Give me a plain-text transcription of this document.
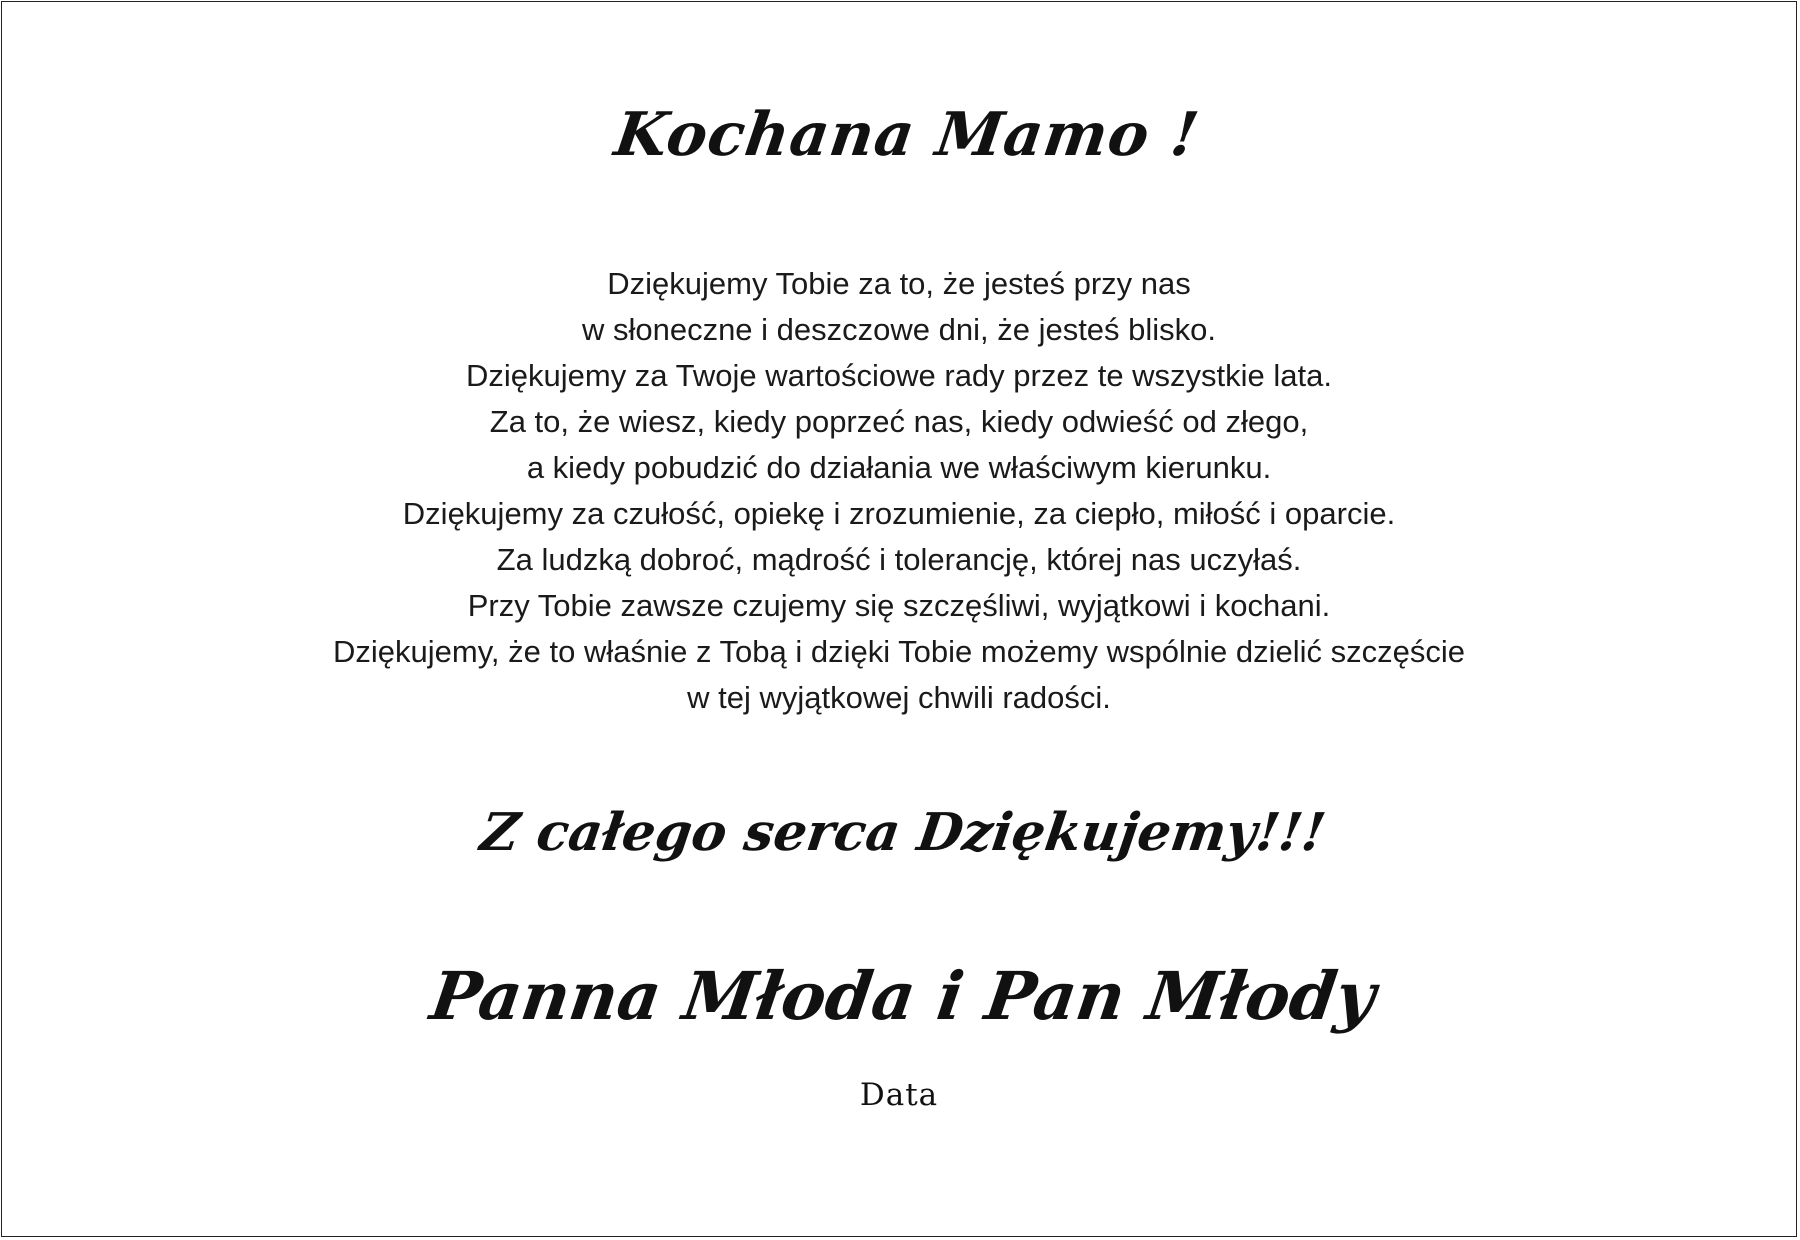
Kochana Mamo !
Dziękujemy Tobie za to, że jesteś przy nas
w słoneczne i deszczowe dni, że jesteś blisko.
Dziękujemy za Twoje wartościowe rady przez te wszystkie lata.
Za to, że wiesz, kiedy poprzeć nas, kiedy odwieść od złego,
a kiedy pobudzić do działania we właściwym kierunku.
Dziękujemy za czułość, opiekę i zrozumienie, za ciepło, miłość i oparcie.
Za ludzką dobroć, mądrość i tolerancję, której nas uczyłaś.
Przy Tobie zawsze czujemy się szczęśliwi, wyjątkowi i kochani.
Dziękujemy, że to właśnie z Tobą i dzięki Tobie możemy wspólnie dzielić szczęście
w tej wyjątkowej chwili radości.
Z całego serca Dziękujemy!!!
Panna Młoda i Pan Młody

Data
